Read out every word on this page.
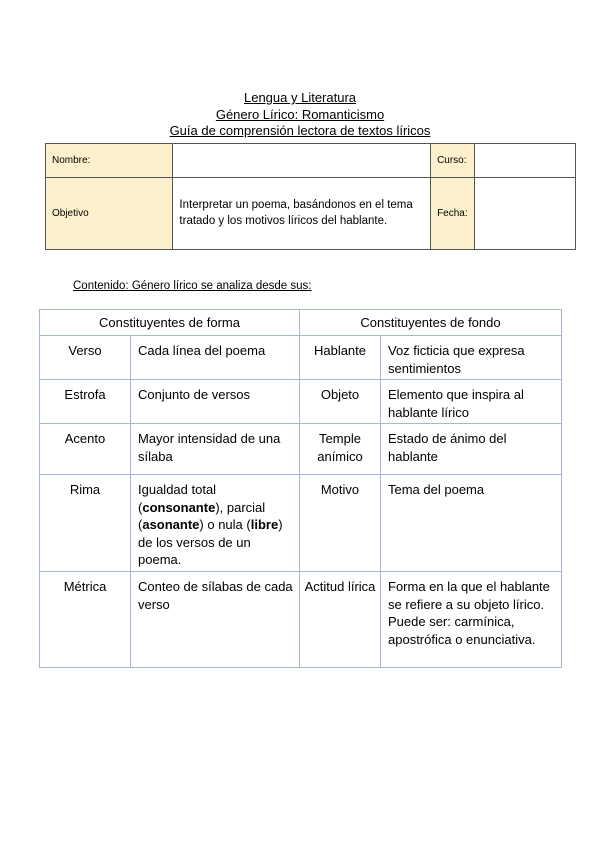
Lengua y Literatura
Género Lírico: Romanticismo
Guía de comprensión lectora de textos líricos
Nombre:		Curso:	
Objetivo	Interpretar un poema, basándonos en el tema tratado y los motivos líricos del hablante.	Fecha:	
Contenido: Género lírico se analiza desde sus:
Constituyentes de forma		Constituyentes de fondo	
Verso	Cada línea del poema	Hablante	Voz ficticia que expresa sentimientos
Estrofa	Conjunto de versos	Objeto	Elemento que inspira al hablante lírico
Acento	Mayor intensidad de una sílaba	Temple anímico	Estado de ánimo del hablante
Rima	Igualdad total (consonante), parcial (asonante) o nula (libre) de los versos de un poema.	Motivo	Tema del poema
Métrica	Conteo de sílabas de cada verso	Actitud lírica	Forma en la que el hablante se refiere a su objeto lírico. Puede ser: carmínica, apostrófica o enunciativa.
